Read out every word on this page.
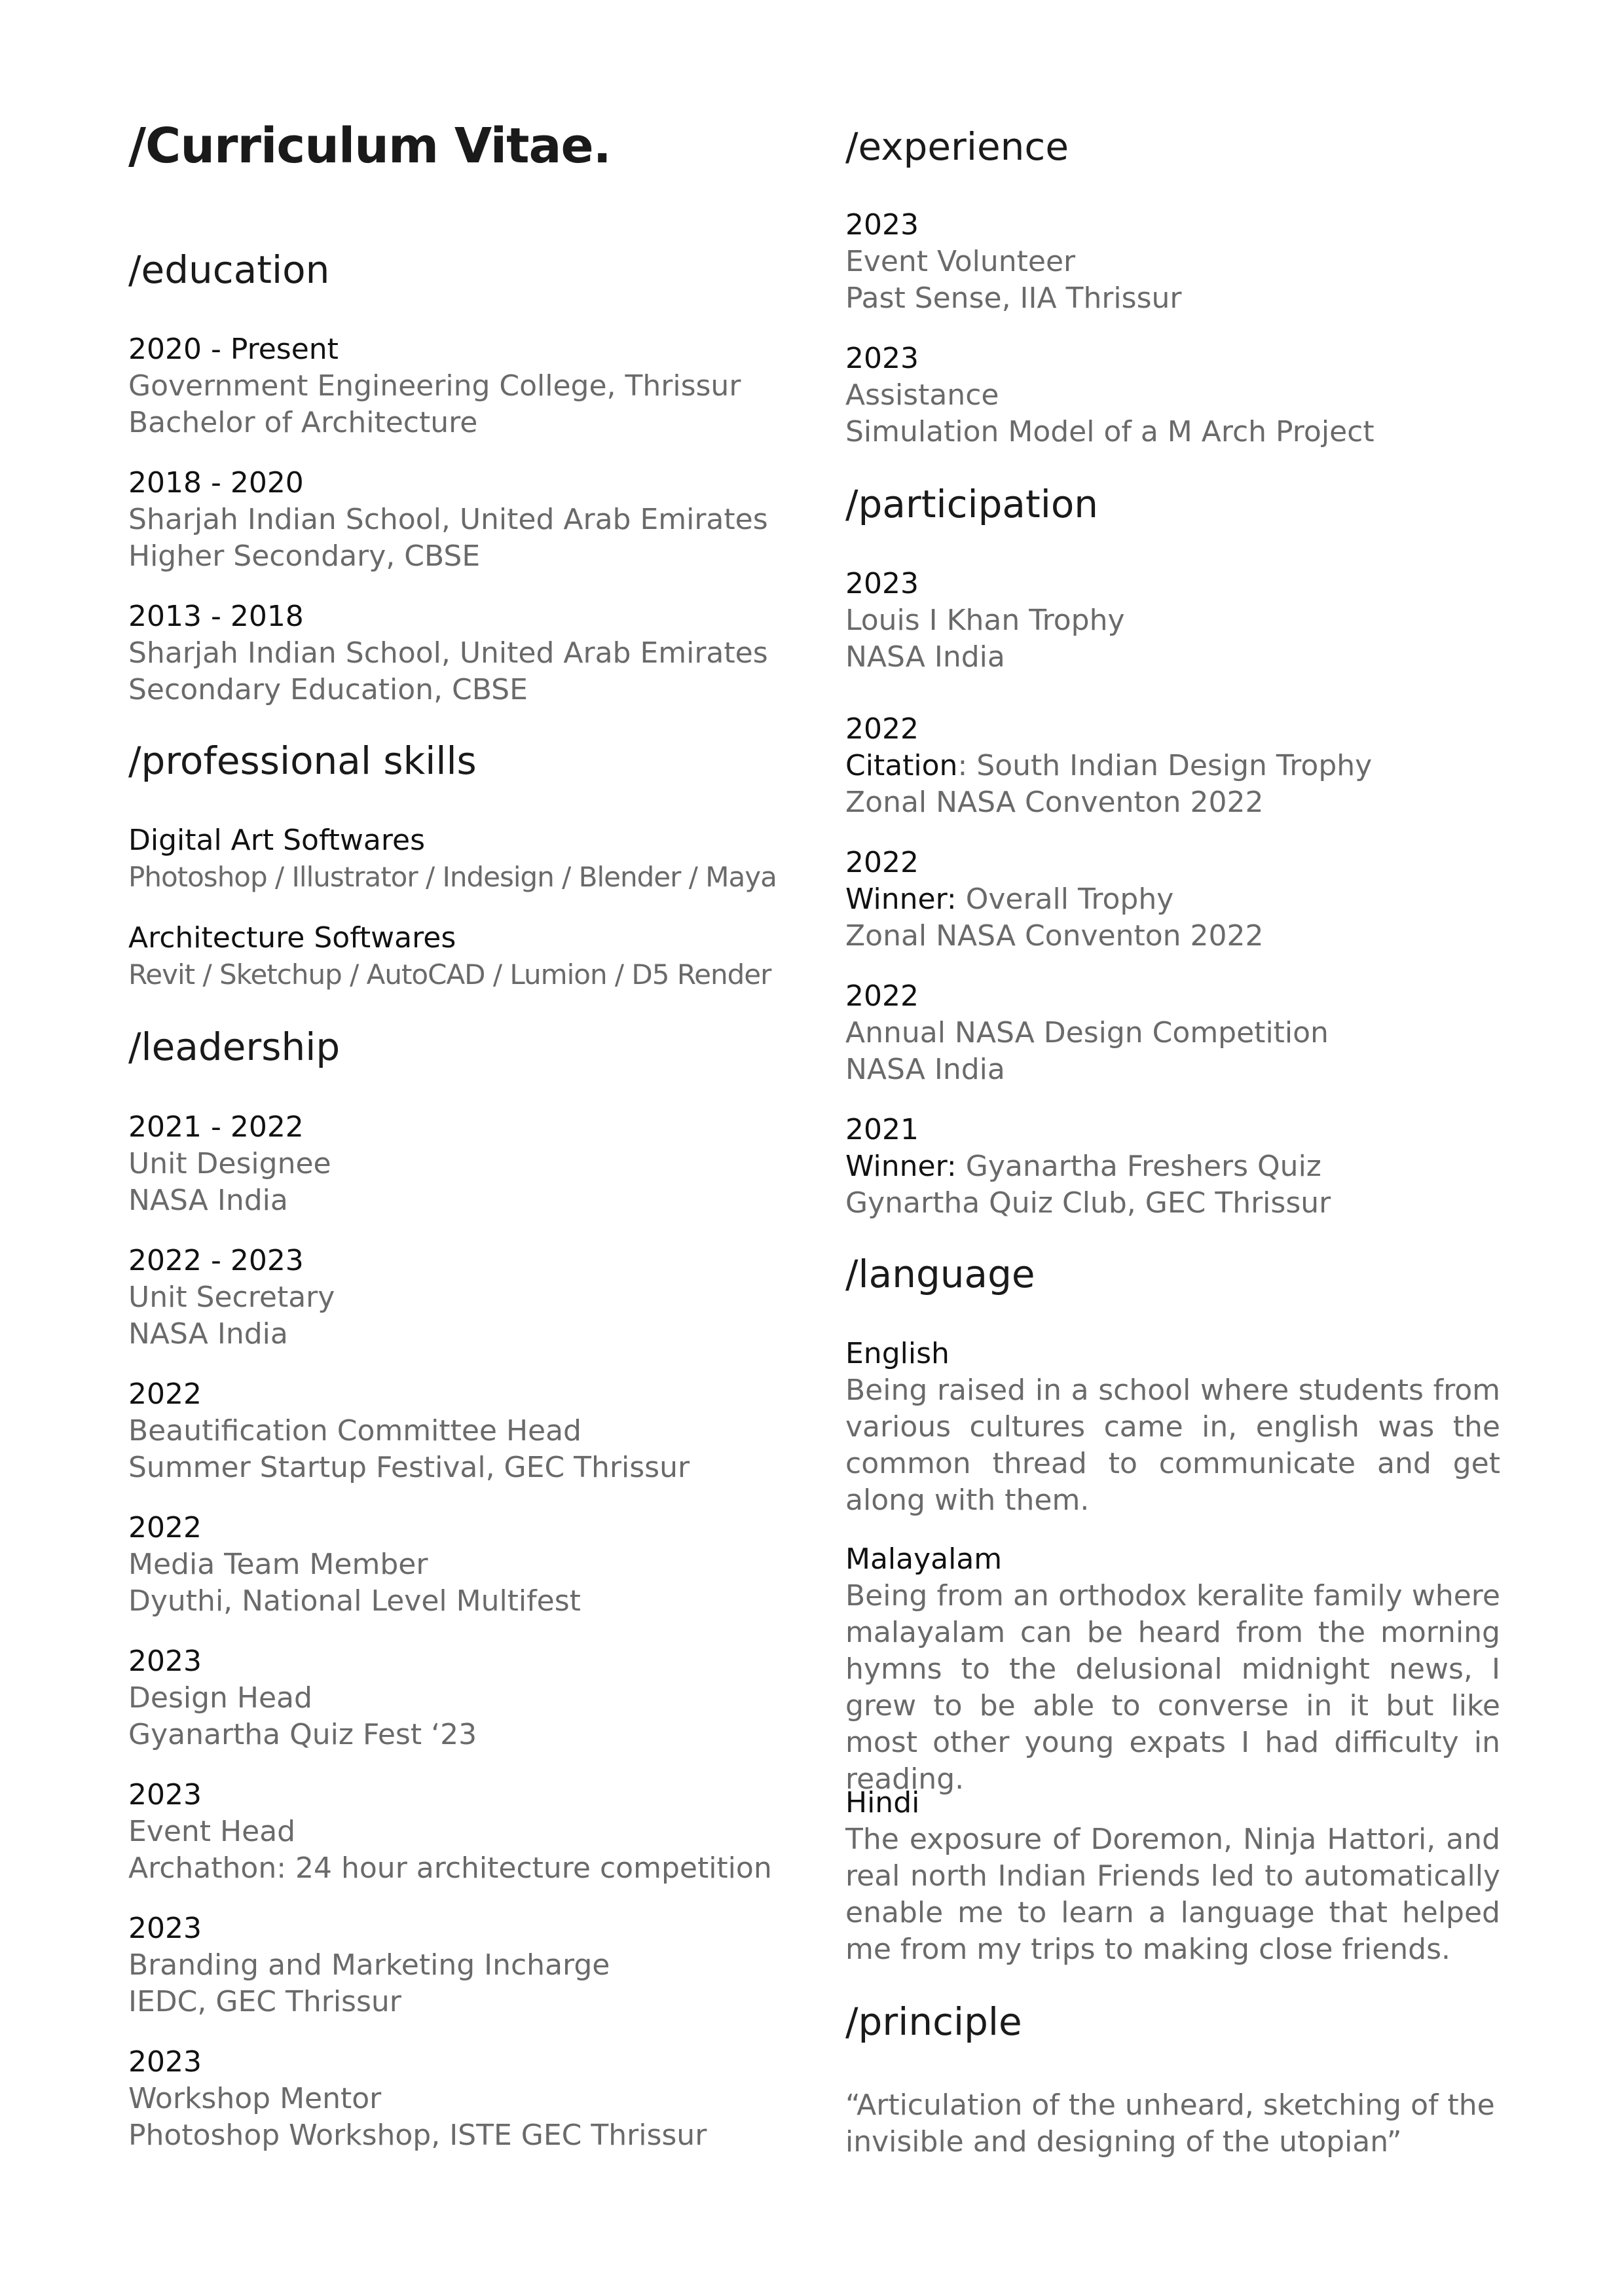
/Curriculum Vitae.
/education
2020 - Present
Government Engineering College, Thrissur
Bachelor of Architecture
2018 - 2020
Sharjah Indian School, United Arab Emirates
Higher Secondary, CBSE
2013 - 2018
Sharjah Indian School, United Arab Emirates
Secondary Education, CBSE
/professional skills
Digital Art Softwares
Photoshop / Illustrator / Indesign / Blender / Maya
Architecture Softwares
Revit / Sketchup / AutoCAD / Lumion / D5 Render
/leadership
2021 - 2022
Unit Designee
NASA India
2022 - 2023
Unit Secretary
NASA India
2022
Beautification Committee Head
Summer Startup Festival, GEC Thrissur
2022
Media Team Member
Dyuthi, National Level Multifest
2023
Design Head
Gyanartha Quiz Fest ‘23
2023
Event Head
Archathon: 24 hour architecture competition
2023
Branding and Marketing Incharge
IEDC, GEC Thrissur
2023
Workshop Mentor
Photoshop Workshop, ISTE GEC Thrissur
/experience
2023
Event Volunteer
Past Sense, IIA Thrissur
2023
Assistance
Simulation Model of a M Arch Project
/participation
2023
Louis I Khan Trophy
NASA India
2022
Citation: South Indian Design Trophy
Zonal NASA Conventon 2022
2022
Winner: Overall Trophy
Zonal NASA Conventon 2022
2022
Annual NASA Design Competition
NASA India
2021
Winner: Gyanartha Freshers Quiz
Gynartha Quiz Club, GEC Thrissur
/language
English
Being raised in a school where students from various cultures came in, english was the common thread to communicate and get along with them.
Malayalam
Being from an orthodox keralite family where malayalam can be heard from the morning hymns to the delusional midnight news, I grew to be able to converse in it but like most other young expats I had difficulty in reading.
Hindi
The exposure of Doremon, Ninja Hattori, and real north Indian Friends led to automatically enable me to learn a language that helped me from my trips to making close friends.
/principle
“Articulation of the unheard, sketching of the invisible and designing of the utopian”
